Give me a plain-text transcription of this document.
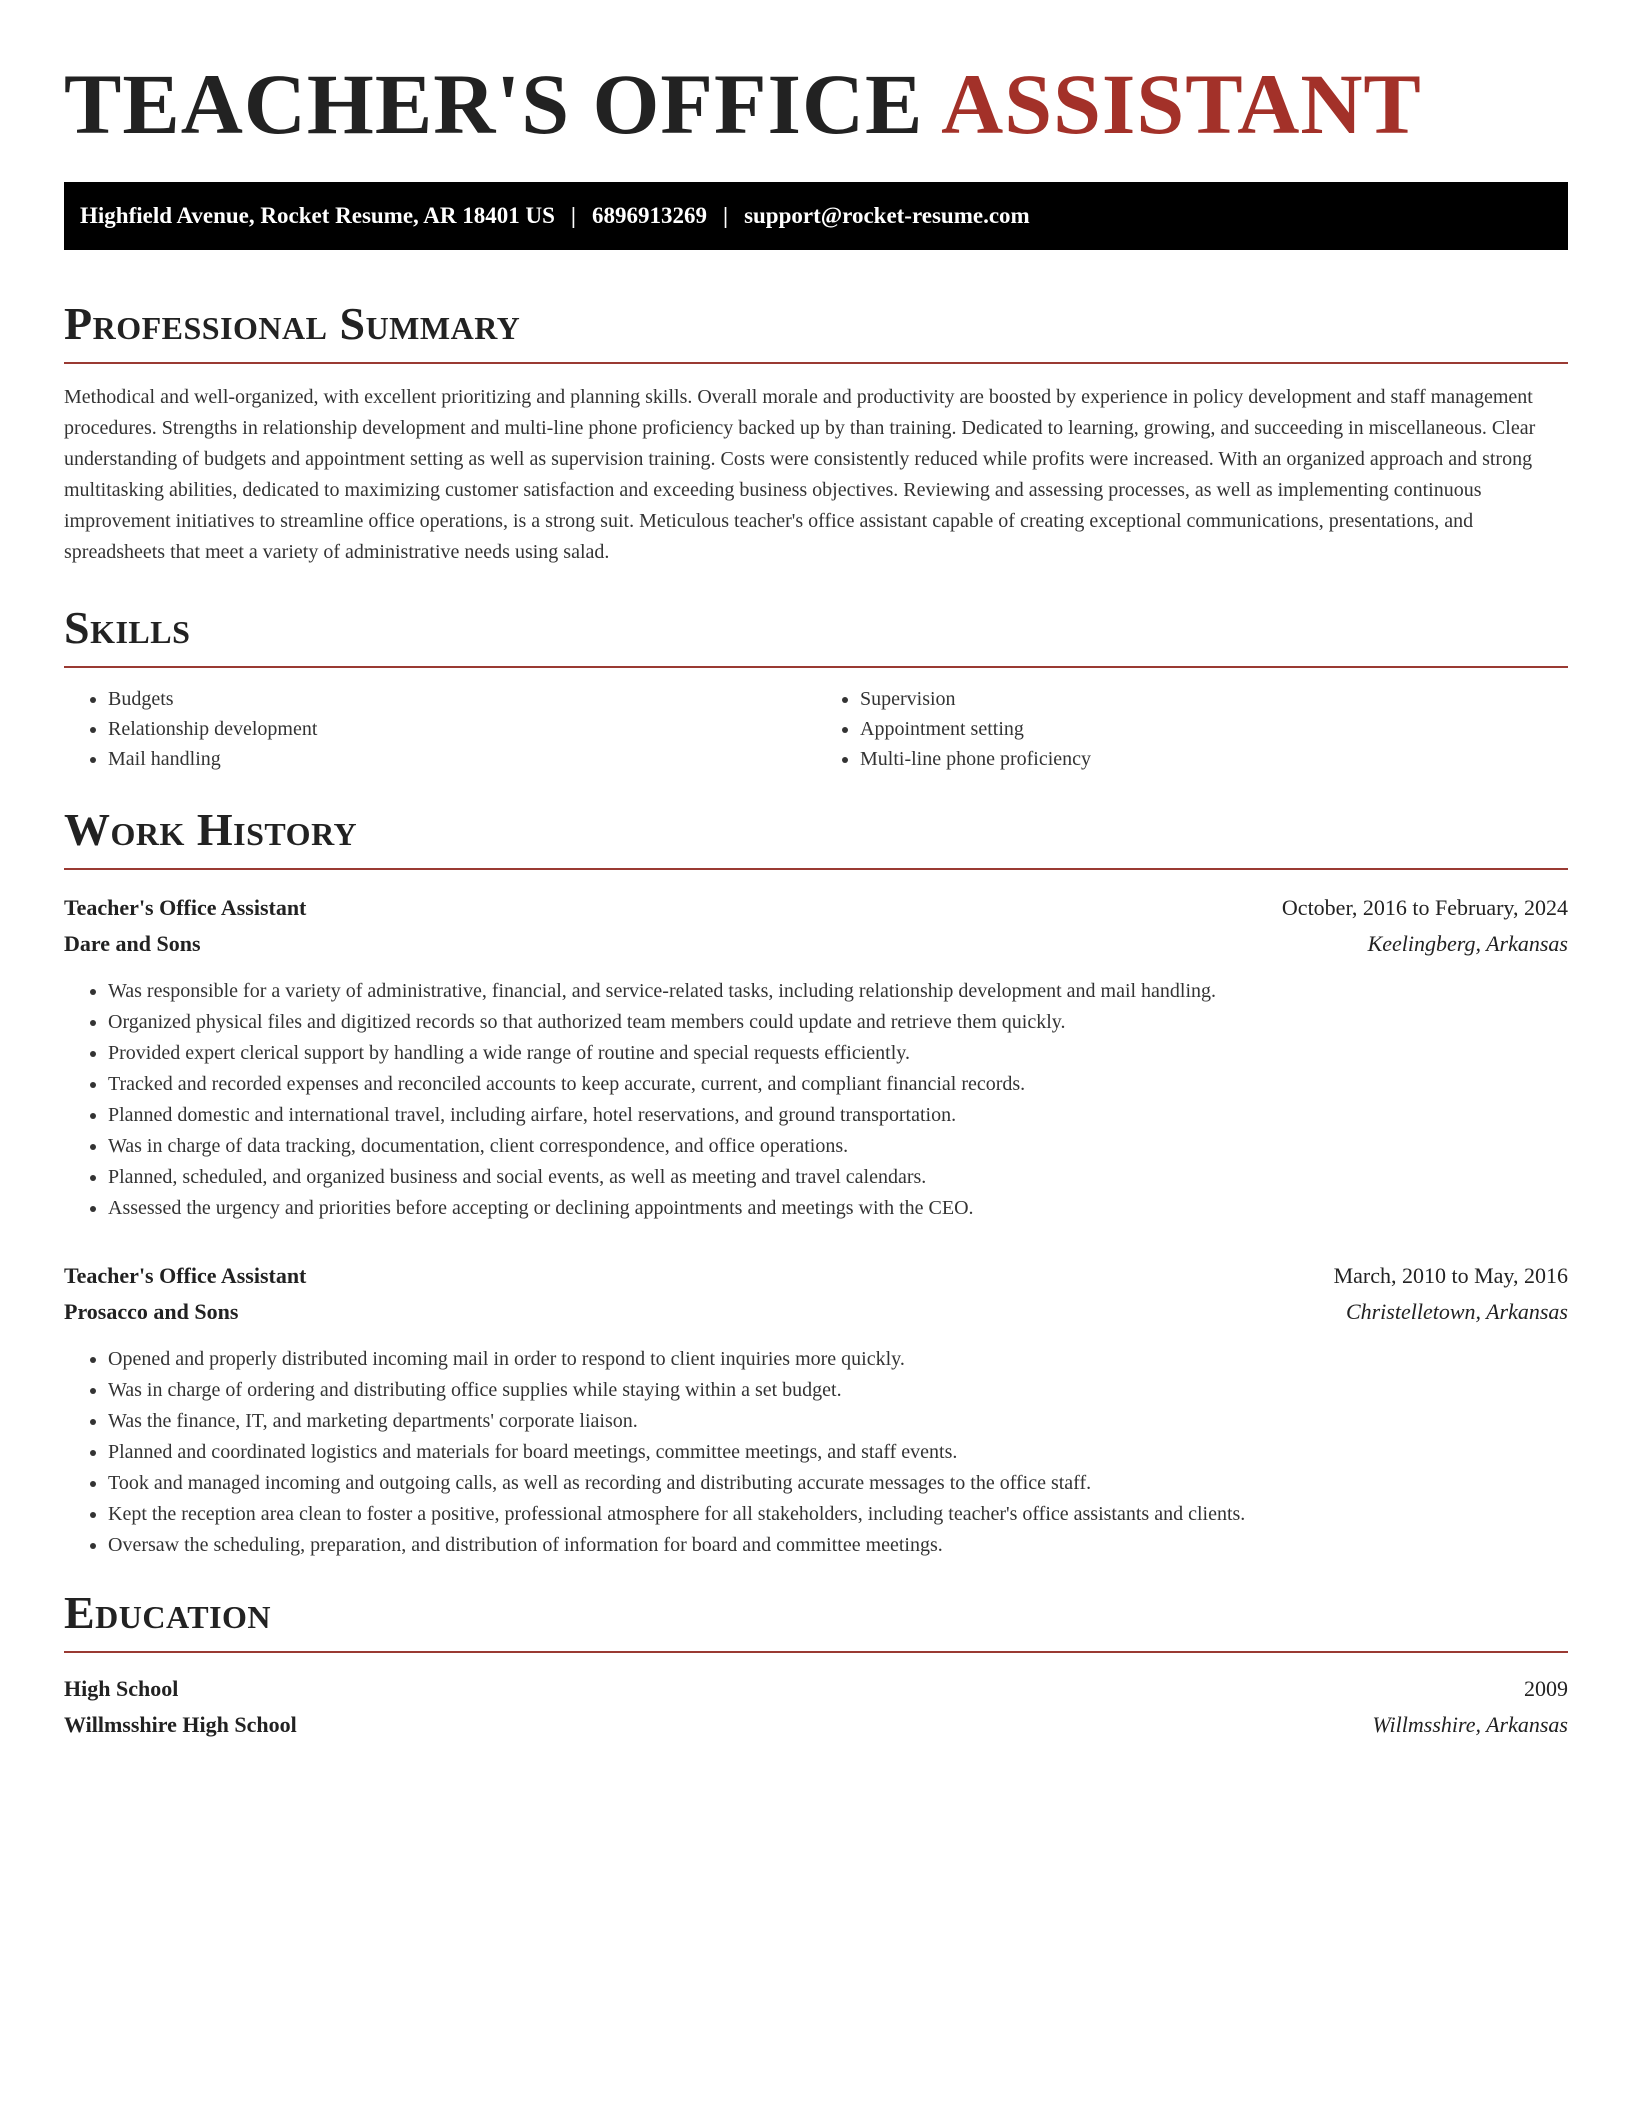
TEACHER'S OFFICE ASSISTANT
Highfield Avenue, Rocket Resume, AR 18401 US | 6896913269 | support@rocket-resume.com
Professional Summary

Methodical and well-organized, with excellent prioritizing and planning skills. Overall morale and productivity are boosted by experience in policy development and staff management procedures. Strengths in relationship development and multi-line phone proficiency backed up by than training. Dedicated to learning, growing, and succeeding in miscellaneous. Clear understanding of budgets and appointment setting as well as supervision training. Costs were consistently reduced while profits were increased. With an organized approach and strong multitasking abilities, dedicated to maximizing customer satisfaction and exceeding business objectives. Reviewing and assessing processes, as well as implementing continuous improvement initiatives to streamline office operations, is a strong suit. Meticulous teacher's office assistant capable of creating exceptional communications, presentations, and spreadsheets that meet a variety of administrative needs using salad.

Skills
• Budgets
• Relationship development
• Mail handling
• Supervision
• Appointment setting
• Multi-line phone proficiency
Work History
Teacher's Office Assistant	October, 2016 to February, 2024
Dare and Sons	Keelingberg, Arkansas
• Was responsible for a variety of administrative, financial, and service-related tasks, including relationship development and mail handling.
• Organized physical files and digitized records so that authorized team members could update and retrieve them quickly.
• Provided expert clerical support by handling a wide range of routine and special requests efficiently.
• Tracked and recorded expenses and reconciled accounts to keep accurate, current, and compliant financial records.
• Planned domestic and international travel, including airfare, hotel reservations, and ground transportation.
• Was in charge of data tracking, documentation, client correspondence, and office operations.
• Planned, scheduled, and organized business and social events, as well as meeting and travel calendars.
• Assessed the urgency and priorities before accepting or declining appointments and meetings with the CEO.
Teacher's Office Assistant	March, 2010 to May, 2016
Prosacco and Sons	Christelletown, Arkansas
• Opened and properly distributed incoming mail in order to respond to client inquiries more quickly.
• Was in charge of ordering and distributing office supplies while staying within a set budget.
• Was the finance, IT, and marketing departments' corporate liaison.
• Planned and coordinated logistics and materials for board meetings, committee meetings, and staff events.
• Took and managed incoming and outgoing calls, as well as recording and distributing accurate messages to the office staff.
• Kept the reception area clean to foster a positive, professional atmosphere for all stakeholders, including teacher's office assistants and clients.
• Oversaw the scheduling, preparation, and distribution of information for board and committee meetings.
Education
High School	2009
Willmsshire High School	Willmsshire, Arkansas
